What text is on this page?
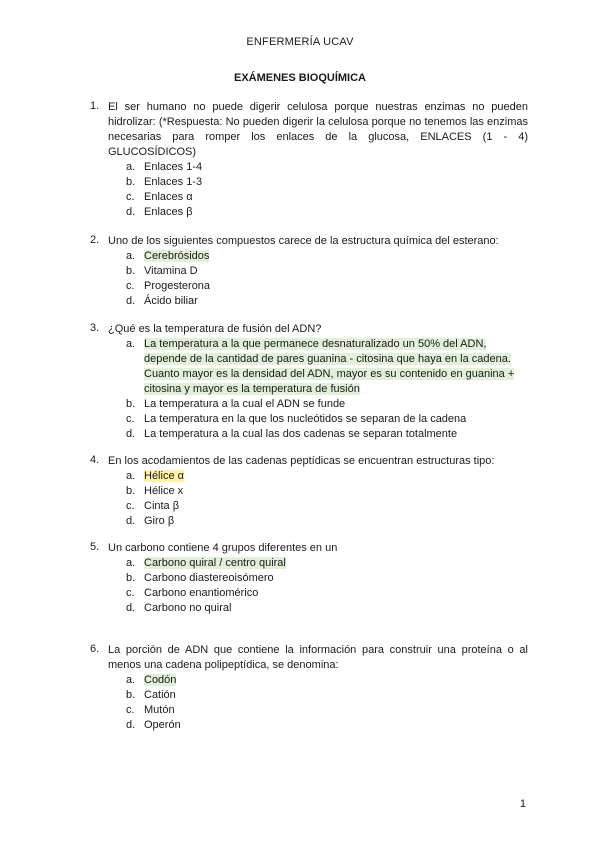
ENFERMERÍA UCAV
EXÁMENES BIOQUÍMICA
1. El ser humano no puede digerir celulosa porque nuestras enzimas no pueden hidrolizar: (*Respuesta: No pueden digerir la celulosa porque no tenemos las enzimas necesarias para romper los enlaces de la glucosa, ENLACES (1 - 4) GLUCOSÍDICOS)
a. Enlaces 1-4
b. Enlaces 1-3
c. Enlaces α
d. Enlaces β
2. Uno de los siguientes compuestos carece de la estructura química del esterano:
a. Cerebrósidos
b. Vitamina D
c. Progesterona
d. Ácido biliar
3. ¿Qué es la temperatura de fusión del ADN?
a. La temperatura a la que permanece desnaturalizado un 50% del ADN,
depende de la cantidad de pares guanina - citosina que haya en la cadena.
Cuanto mayor es la densidad del ADN, mayor es su contenido en guanina +
citosina y mayor es la temperatura de fusión
b. La temperatura a la cual el ADN se funde
c. La temperatura en la que los nucleótidos se separan de la cadena
d. La temperatura a la cual las dos cadenas se separan totalmente
4. En los acodamientos de las cadenas peptídicas se encuentran estructuras tipo:
a. Hélice α
b. Hélice x
c. Cinta β
d. Giro β
5. Un carbono contiene 4 grupos diferentes en un
a. Carbono quiral / centro quiral
b. Carbono diastereoisómero
c. Carbono enantiomérico
d. Carbono no quiral
6. La porción de ADN que contiene la información para construir una proteína o al menos una cadena polipeptídica, se denomina:
a. Codón
b. Catión
c. Mutón
d. Operón
1
